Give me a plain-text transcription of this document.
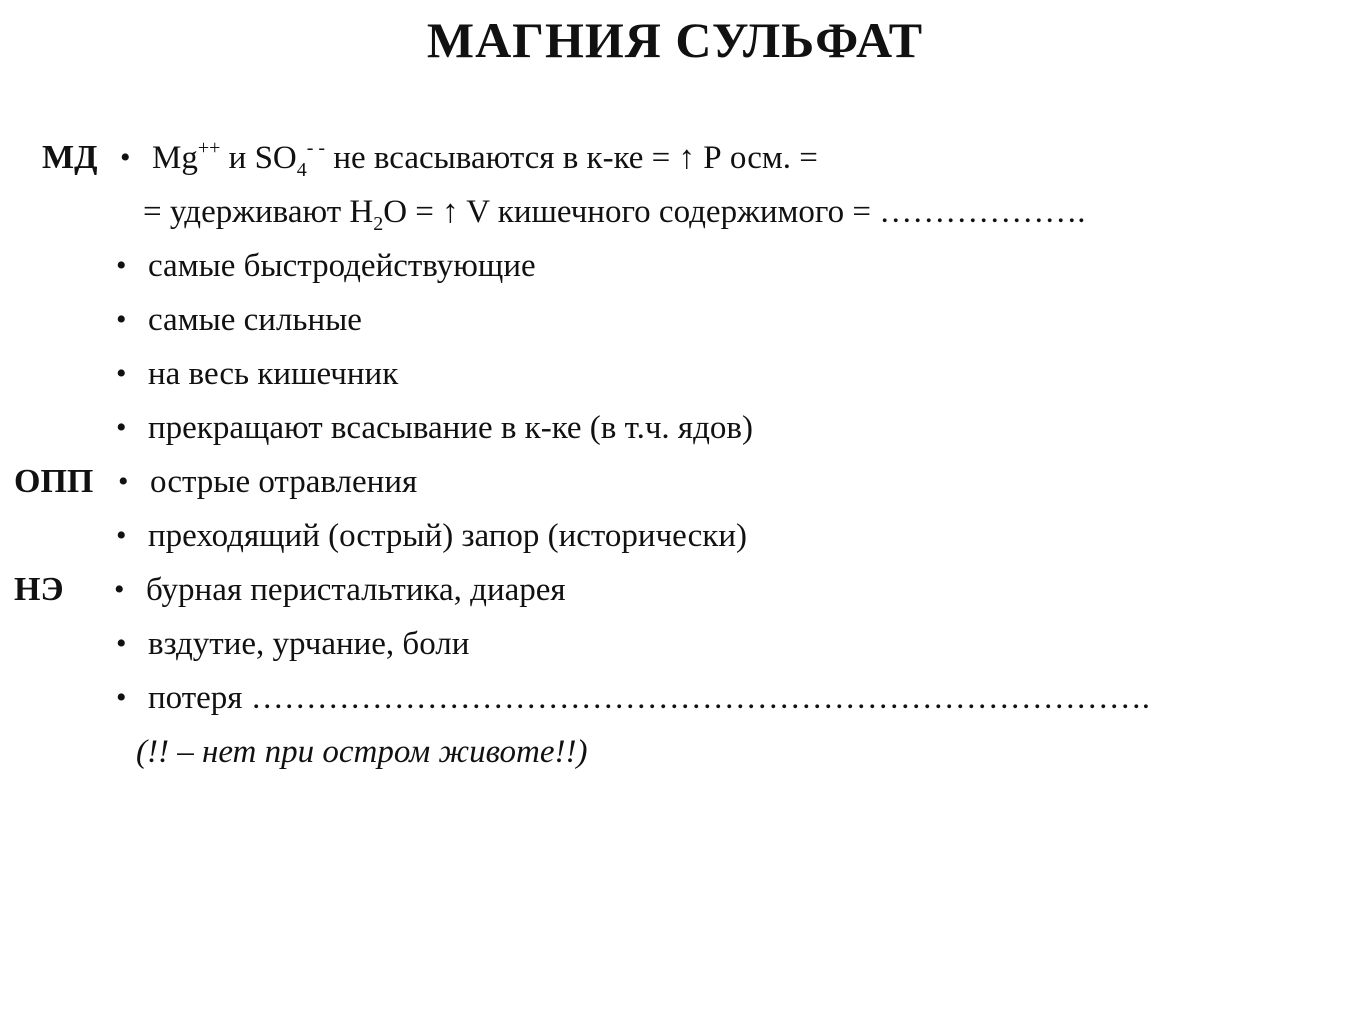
МАГНИЯ СУЛЬФАТ
МД • Mg++ и $SO_4^{- -}$ не всасываются в к-ке = ↑ Р осм. =
= удерживают $H_2O$ = ↑ V кишечного содержимого = ……………….
• самые быстродействующие
• самые сильные
• на весь кишечник
• прекращают всасывание в к-ке (в т.ч. ядов)
ОПП • острые отравления
• преходящий (острый) запор (исторически)
НЭ • бурная перистальтика, диарея
• вздутие, урчание, боли
• потеря ……………………………………………………………………….
(!! – нет при остром животе!!)
